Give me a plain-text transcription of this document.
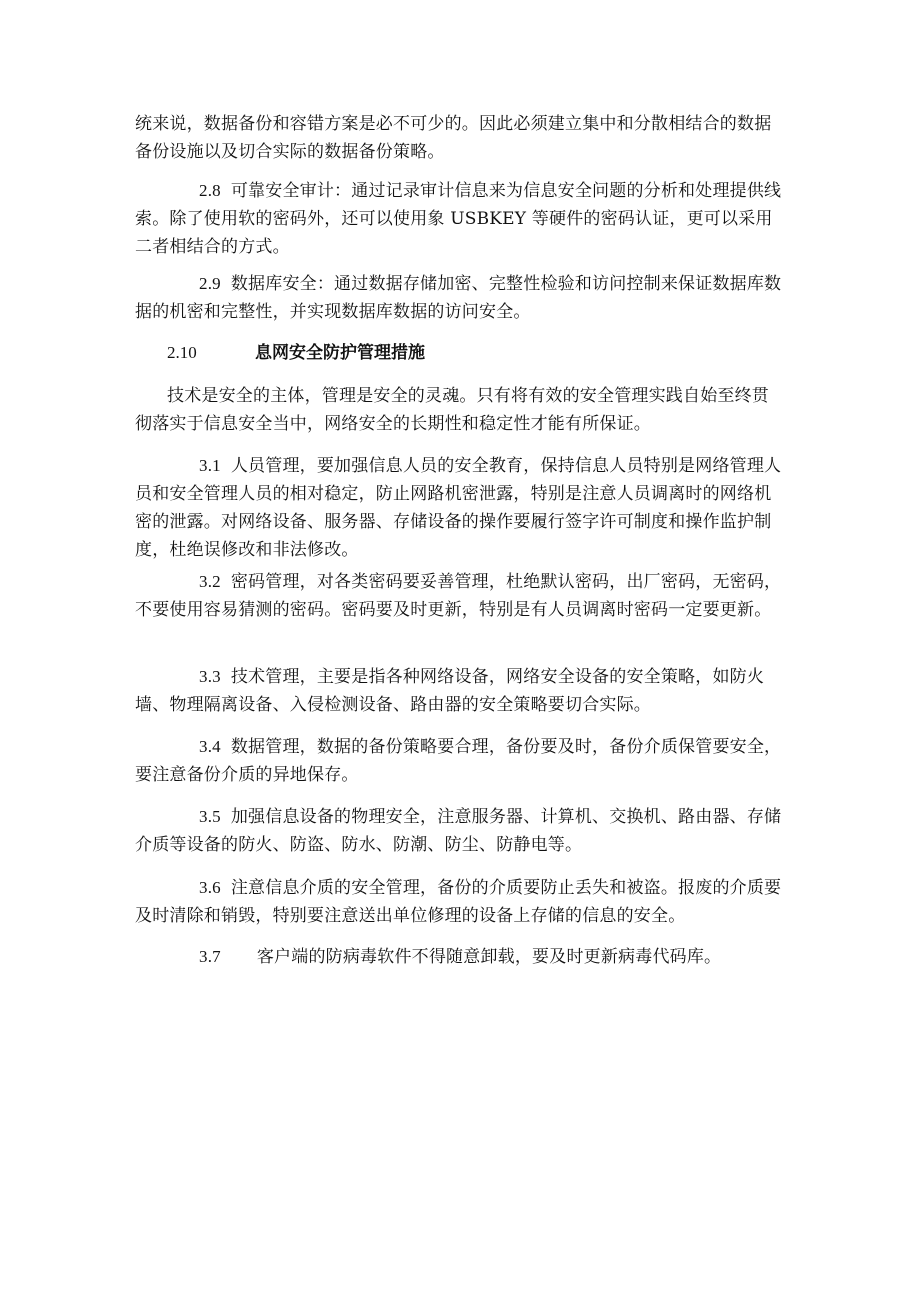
统来说，数据备份和容错方案是必不可少的。因此必须建立集中和分散相结合的数据备份设施以及切合实际的数据备份策略。

2.8 可靠安全审计：通过记录审计信息来为信息安全问题的分析和处理提供线索。除了使用软的密码外，还可以使用象 USBKEY 等硬件的密码认证，更可以采用二者相结合的方式。

2.9 数据库安全：通过数据存储加密、完整性检验和访问控制来保证数据库数据的机密和完整性，并实现数据库数据的访问安全。

2.10	息网安全防护管理措施

技术是安全的主体，管理是安全的灵魂。只有将有效的安全管理实践自始至终贯彻落实于信息安全当中，网络安全的长期性和稳定性才能有所保证。

3.1 人员管理，要加强信息人员的安全教育，保持信息人员特别是网络管理人员和安全管理人员的相对稳定，防止网路机密泄露，特别是注意人员调离时的网络机密的泄露。对网络设备、服务器、存储设备的操作要履行签字许可制度和操作监护制度，杜绝误修改和非法修改。

3.2 密码管理，对各类密码要妥善管理，杜绝默认密码，出厂密码，无密码，不要使用容易猜测的密码。密码要及时更新，特别是有人员调离时密码一定要更新。

3.3 技术管理，主要是指各种网络设备，网络安全设备的安全策略，如防火墙、物理隔离设备、入侵检测设备、路由器的安全策略要切合实际。

3.4 数据管理，数据的备份策略要合理，备份要及时，备份介质保管要安全，要注意备份介质的异地保存。

3.5 加强信息设备的物理安全，注意服务器、计算机、交换机、路由器、存储介质等设备的防火、防盗、防水、防潮、防尘、防静电等。

3.6 注意信息介质的安全管理，备份的介质要防止丢失和被盗。报废的介质要及时清除和销毁，特别要注意送出单位修理的设备上存储的信息的安全。

3.7 客户端的防病毒软件不得随意卸载，要及时更新病毒代码库。
